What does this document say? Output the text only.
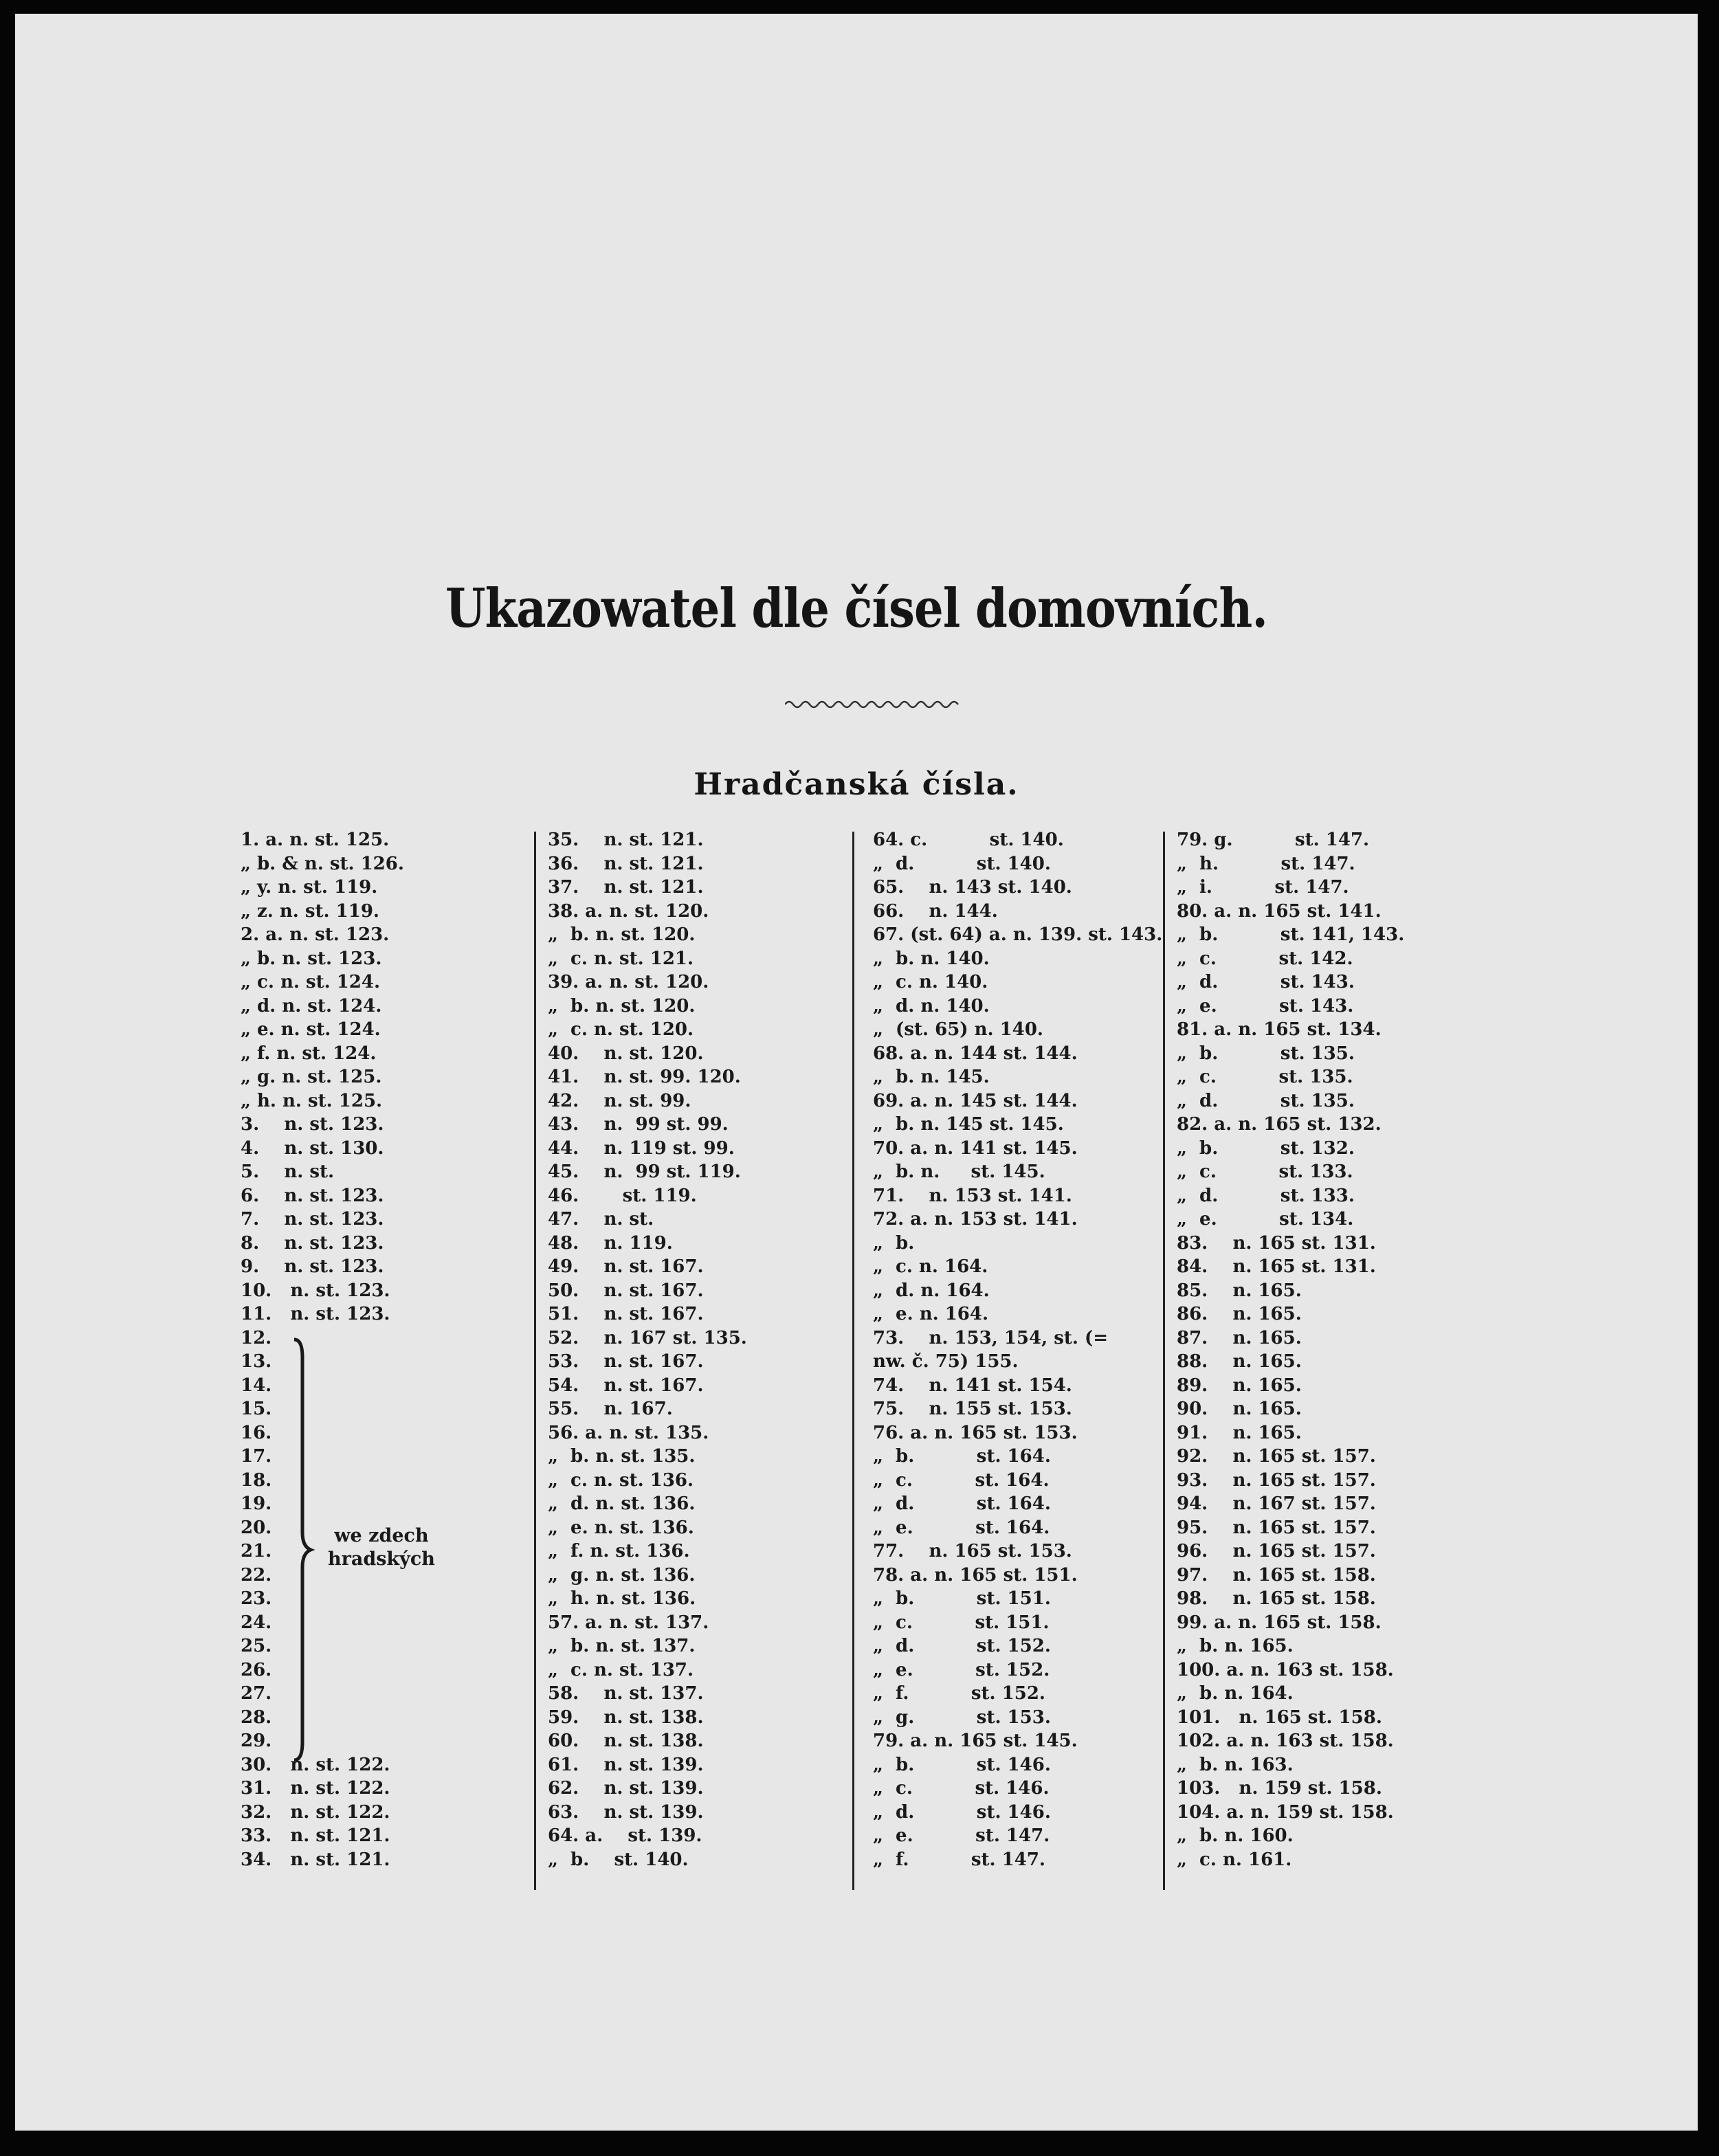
Ukazowatel dle čísel domovních.
Hradčanská čísla.
1. a. n. st. 125.
„ b. & n. st. 126.
„ y. n. st. 119.
„ z. n. st. 119.
2. a. n. st. 123.
„ b. n. st. 123.
„ c. n. st. 124.
„ d. n. st. 124.
„ e. n. st. 124.
„ f. n. st. 124.
„ g. n. st. 125.
„ h. n. st. 125.
3.    n. st. 123.
4.    n. st. 130.
5.    n. st.
6.    n. st. 123.
7.    n. st. 123.
8.    n. st. 123.
9.    n. st. 123.
10.   n. st. 123.
11.   n. st. 123.
12.
13.
14.
15.
16.
17.
18.
19.
20.
21.
22.
23.
24.
25.
26.
27.
28.
29.
30.   n. st. 122.
31.   n. st. 122.
32.   n. st. 122.
33.   n. st. 121.
34.   n. st. 121.
35.    n. st. 121.
36.    n. st. 121.
37.    n. st. 121.
38. a. n. st. 120.
„  b. n. st. 120.
„  c. n. st. 121.
39. a. n. st. 120.
„  b. n. st. 120.
„  c. n. st. 120.
40.    n. st. 120.
41.    n. st. 99. 120.
42.    n. st. 99.
43.    n.  99 st. 99.
44.    n. 119 st. 99.
45.    n.  99 st. 119.
46.       st. 119.
47.    n. st.
48.    n. 119.
49.    n. st. 167.
50.    n. st. 167.
51.    n. st. 167.
52.    n. 167 st. 135.
53.    n. st. 167.
54.    n. st. 167.
55.    n. 167.
56. a. n. st. 135.
„  b. n. st. 135.
„  c. n. st. 136.
„  d. n. st. 136.
„  e. n. st. 136.
„  f. n. st. 136.
„  g. n. st. 136.
„  h. n. st. 136.
57. a. n. st. 137.
„  b. n. st. 137.
„  c. n. st. 137.
58.    n. st. 137.
59.    n. st. 138.
60.    n. st. 138.
61.    n. st. 139.
62.    n. st. 139.
63.    n. st. 139.
64. a.    st. 139.
„  b.    st. 140.
64. c.          st. 140.
„  d.          st. 140.
65.    n. 143 st. 140.
66.    n. 144.
67. (st. 64) a. n. 139. st. 143.
„  b. n. 140.
„  c. n. 140.
„  d. n. 140.
„  (st. 65) n. 140.
68. a. n. 144 st. 144.
„  b. n. 145.
69. a. n. 145 st. 144.
„  b. n. 145 st. 145.
70. a. n. 141 st. 145.
„  b. n.     st. 145.
71.    n. 153 st. 141.
72. a. n. 153 st. 141.
„  b.
„  c. n. 164.
„  d. n. 164.
„  e. n. 164.
73.    n. 153, 154, st. (=
nw. č. 75) 155.
74.    n. 141 st. 154.
75.    n. 155 st. 153.
76. a. n. 165 st. 153.
„  b.          st. 164.
„  c.          st. 164.
„  d.          st. 164.
„  e.          st. 164.
77.    n. 165 st. 153.
78. a. n. 165 st. 151.
„  b.          st. 151.
„  c.          st. 151.
„  d.          st. 152.
„  e.          st. 152.
„  f.          st. 152.
„  g.          st. 153.
79. a. n. 165 st. 145.
„  b.          st. 146.
„  c.          st. 146.
„  d.          st. 146.
„  e.          st. 147.
„  f.          st. 147.
79. g.          st. 147.
„  h.          st. 147.
„  i.          st. 147.
80. a. n. 165 st. 141.
„  b.          st. 141, 143.
„  c.          st. 142.
„  d.          st. 143.
„  e.          st. 143.
81. a. n. 165 st. 134.
„  b.          st. 135.
„  c.          st. 135.
„  d.          st. 135.
82. a. n. 165 st. 132.
„  b.          st. 132.
„  c.          st. 133.
„  d.          st. 133.
„  e.          st. 134.
83.    n. 165 st. 131.
84.    n. 165 st. 131.
85.    n. 165.
86.    n. 165.
87.    n. 165.
88.    n. 165.
89.    n. 165.
90.    n. 165.
91.    n. 165.
92.    n. 165 st. 157.
93.    n. 165 st. 157.
94.    n. 167 st. 157.
95.    n. 165 st. 157.
96.    n. 165 st. 157.
97.    n. 165 st. 158.
98.    n. 165 st. 158.
99. a. n. 165 st. 158.
„  b. n. 165.
100. a. n. 163 st. 158.
„  b. n. 164.
101.   n. 165 st. 158.
102. a. n. 163 st. 158.
„  b. n. 163.
103.   n. 159 st. 158.
104. a. n. 159 st. 158.
„  b. n. 160.
„  c. n. 161.
we zdech
hradských
